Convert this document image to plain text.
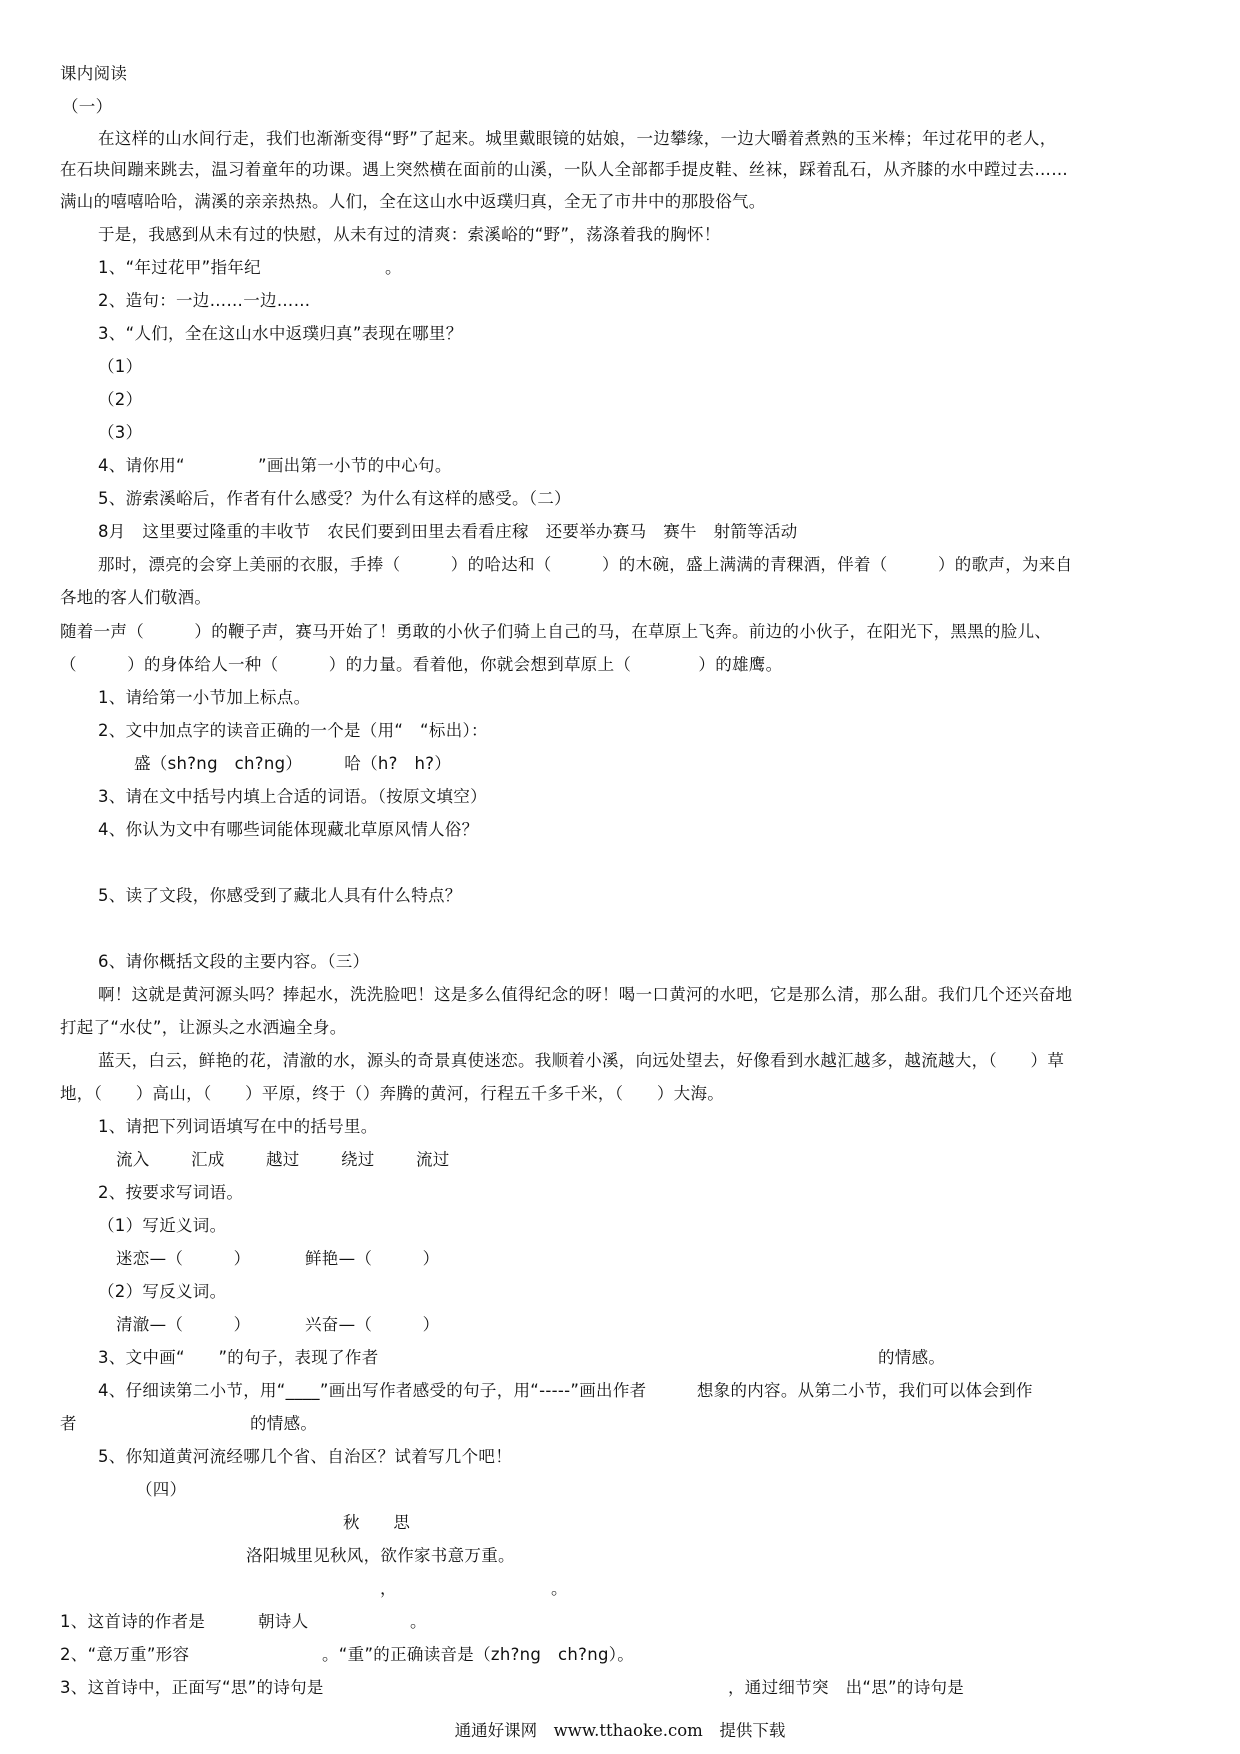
课内阅读
（一）
在这样的山水间行走，我们也渐渐变得“野”了起来。城里戴眼镜的姑娘，一边攀缘，一边大嚼着煮熟的玉米棒；年过花甲的老人，
在石块间蹦来跳去，温习着童年的功课。遇上突然横在面前的山溪，一队人全部都手提皮鞋、丝袜，踩着乱石，从齐膝的水中蹚过去……
满山的嘻嘻哈哈，满溪的亲亲热热。人们，全在这山水中返璞归真，全无了市井中的那股俗气。
于是，我感到从未有过的快慰，从未有过的清爽：索溪峪的“野”，荡涤着我的胸怀！
1、“年过花甲”指年纪	。
2、造句：一边……一边……
3、“人们，全在这山水中返璞归真”表现在哪里？
（1）
（2）
（3）
4、请你用“	”画出第一小节的中心句。
5、游索溪峪后，作者有什么感受？为什么有这样的感受。（二）
8月　这里要过隆重的丰收节　农民们要到田里去看看庄稼　还要举办赛马　赛牛　射箭等活动
那时，漂亮的会穿上美丽的衣服，手捧（　　　）的哈达和（　　　）的木碗，盛上满满的青稞酒，伴着（　　　）的歌声，为来自
各地的客人们敬酒。
随着一声（　　　）的鞭子声，赛马开始了！勇敢的小伙子们骑上自己的马，在草原上飞奔。前边的小伙子，在阳光下，黑黑的脸儿、
（　　　）的身体给人一种（　　　）的力量。看着他，你就会想到草原上（　　　　）的雄鹰。
1、请给第一小节加上标点。
2、文中加点字的读音正确的一个是（用“　“标出）：
盛（sh?ng　ch?ng）　　　哈（h?　h?）
3、请在文中括号内填上合适的词语。（按原文填空）
4、你认为文中有哪些词能体现藏北草原风情人俗？
5、读了文段，你感受到了藏北人具有什么特点？
6、请你概括文段的主要内容。（三）
啊！这就是黄河源头吗？捧起水，洗洗脸吧！这是多么值得纪念的呀！喝一口黄河的水吧，它是那么清，那么甜。我们几个还兴奋地
打起了“水仗”，让源头之水洒遍全身。
蓝天，白云，鲜艳的花，清澈的水，源头的奇景真使迷恋。我顺着小溪，向远处望去，好像看到水越汇越多，越流越大，（　　）草
地，（　　）高山，（　　）平原，终于（）奔腾的黄河，行程五千多千米，（　　）大海。
1、请把下列词语填写在中的括号里。
流入	汇成	越过	绕过	流过
2、按要求写词语。
（1）写近义词。
迷恋—（　　　）	鲜艳—（　　　）
（2）写反义词。
清澈—（　　　）	兴奋—（　　　）
3、文中画“　　”的句子，表现了作者	的情感。
4、仔细读第二小节，用“____”画出写作者感受的句子，用“-----”画出作者　　　想象的内容。从第二小节，我们可以体会到作
者	的情感。
5、你知道黄河流经哪几个省、自治区？试着写几个吧！
（四）
秋　　思
洛阳城里见秋风，欲作家书意万重。
，	。
1、这首诗的作者是	朝诗人	。
2、“意万重”形容	。“重”的正确读音是（zh?ng　ch?ng）。
3、这首诗中，正面写“思”的诗句是	，通过细节突　出“思”的诗句是
通通好课网　www.tthaoke.com　提供下载
